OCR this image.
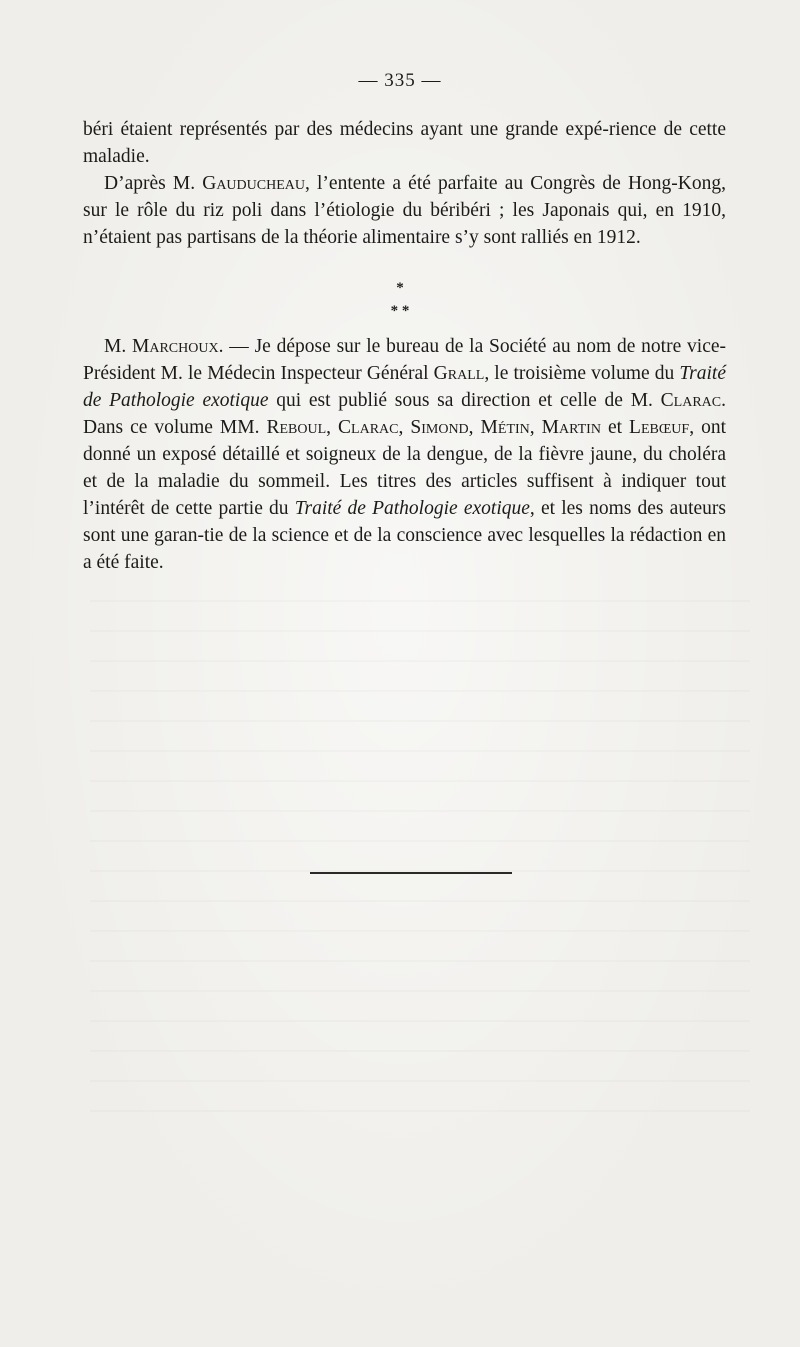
— 335 —
béri étaient représentés par des médecins ayant une grande expé-rience de cette maladie.
D’après M. Gauducheau, l’entente a été parfaite au Congrès de Hong-Kong, sur le rôle du riz poli dans l’étiologie du béribéri ; les Japonais qui, en 1910, n’étaient pas partisans de la théorie alimentaire s’y sont ralliés en 1912.
*
* *
M. Marchoux. — Je dépose sur le bureau de la Société au nom de notre vice-Président M. le Médecin Inspecteur Général Grall, le troisième volume du Traité de Pathologie exotique qui est publié sous sa direction et celle de M. Clarac. Dans ce volume MM. Reboul, Clarac, Simond, Métin, Martin et Lebœuf, ont donné un exposé détaillé et soigneux de la dengue, de la fièvre jaune, du choléra et de la maladie du sommeil. Les titres des articles suffisent à indiquer tout l’intérêt de cette partie du Traité de Pathologie exotique, et les noms des auteurs sont une garan-tie de la science et de la conscience avec lesquelles la rédaction en a été faite.
